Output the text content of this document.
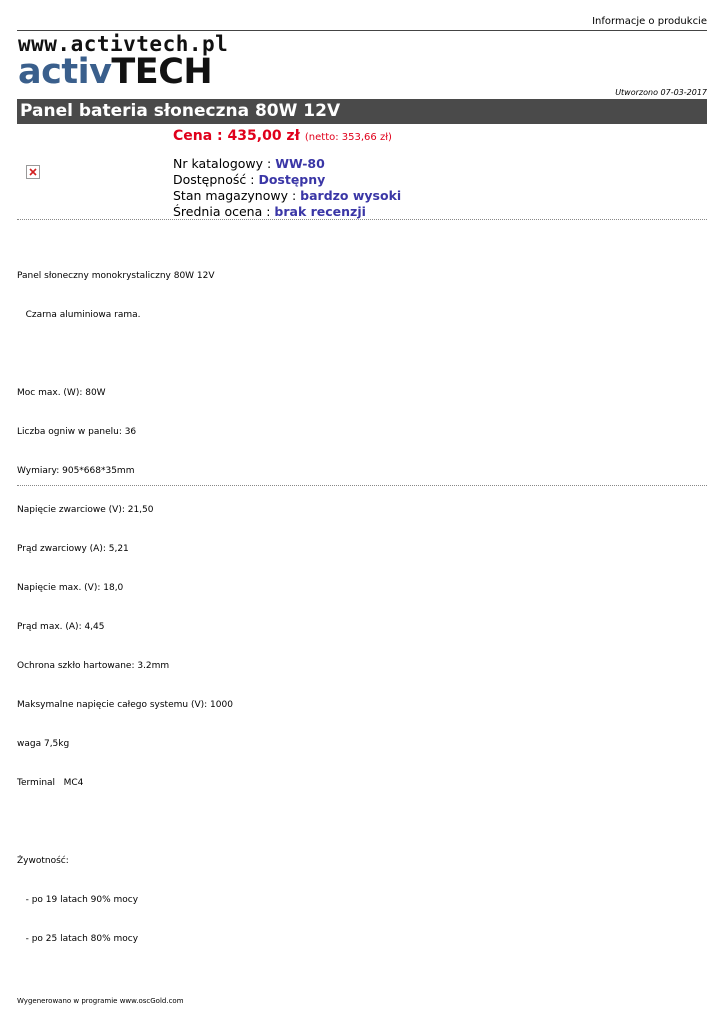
Informacje o produkcie
www.activtech.pl
activTECH
Utworzono 07-03-2017
Panel bateria słoneczna 80W 12V
Cena : 435,00 zł (netto: 353,66 zł)
Nr katalogowy : WW-80
Dostępność : Dostępny
Stan magazynowy : bardzo wysoki
Średnia ocena : brak recenzji

Panel słoneczny monokrystaliczny 80W 12V

Czarna aluminiowa rama.

Moc max. (W): 80W

Liczba ogniw w panelu: 36

Wymiary: 905*668*35mm

Napięcie zwarciowe (V): 21,50

Prąd zwarciowy (A): 5,21

Napięcie max. (V): 18,0

Prąd max. (A): 4,45

Ochrona szkło hartowane: 3.2mm

Maksymalne napięcie całego systemu (V): 1000

waga 7,5kg

Terminal   MC4

Żywotność:

- po 19 latach 90% mocy

- po 25 latach 80% mocy

Wygenerowano w programie www.oscGold.com
